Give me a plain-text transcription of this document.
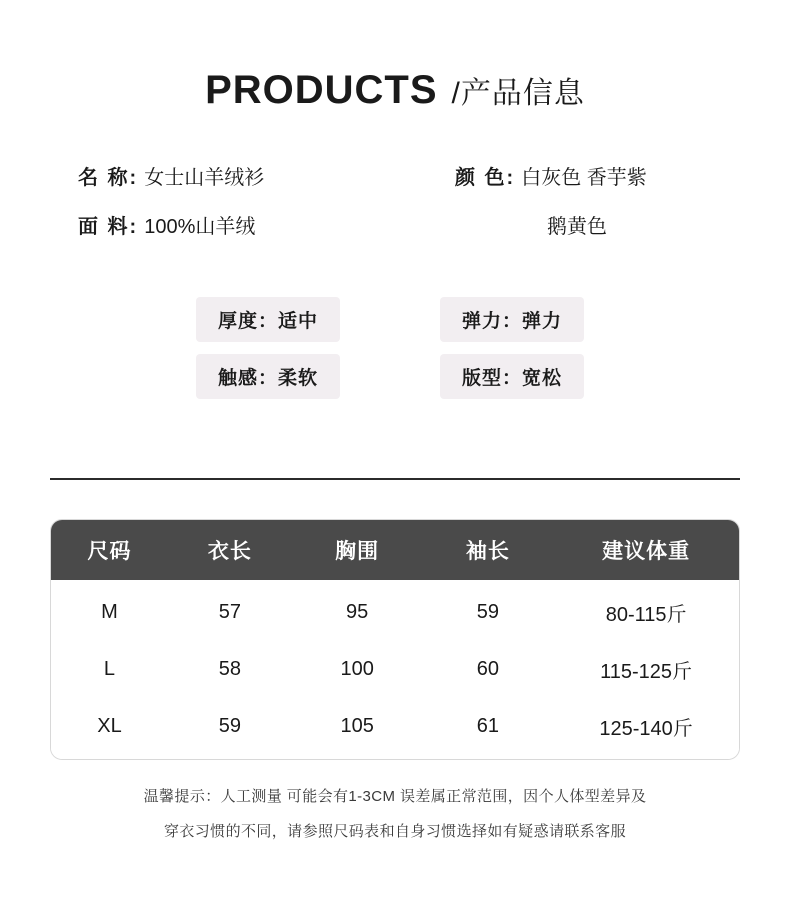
PRODUCTS /产品信息
名 称: 女士山羊绒衫
面 料: 100%山羊绒
颜 色: 白灰色 香芋紫
鹅黄色
厚度：适中	弹力：弹力
触感：柔软	版型：宽松
尺码	衣长	胸围	袖长	建议体重
M	57	95	59	80-115斤
L	58	100	60	115-125斤
XL	59	105	61	125-140斤
温馨提示：人工测量 可能会有1-3CM 误差属正常范围，因个人体型差异及
穿衣习惯的不同，请参照尺码表和自身习惯选择如有疑惑请联系客服
